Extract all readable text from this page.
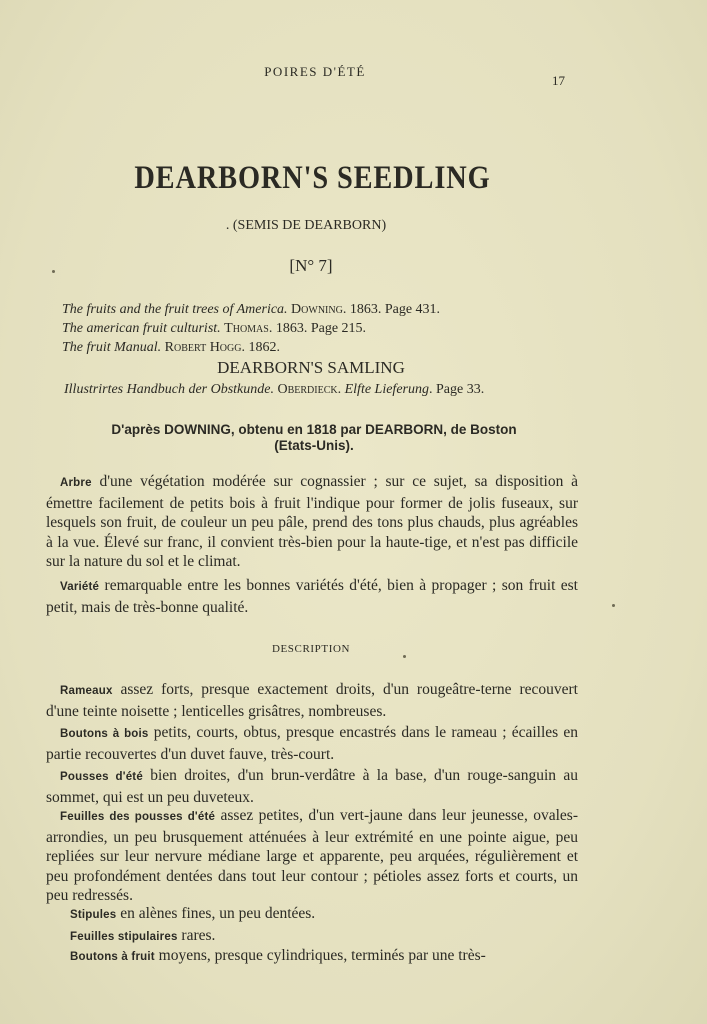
POIRES D'ÉTÉ
17
DEARBORN'S SEEDLING
. (SEMIS DE DEARBORN)
[N° 7]
The fruits and the fruit trees of America. Downing. 1863. Page 431.
The american fruit culturist. Thomas. 1863. Page 215.
The fruit Manual. Robert Hogg. 1862.
DEARBORN'S SAMLING
Illustrirtes Handbuch der Obstkunde. Oberdieck. Elfte Lieferung. Page 33.
D'après DOWNING, obtenu en 1818 par DEARBORN, de Boston
(Etats-Unis).
Arbre d'une végétation modérée sur cognassier ; sur ce sujet, sa disposition à émettre facilement de petits bois à fruit l'indique pour former de jolis fuseaux, sur lesquels son fruit, de couleur un peu pâle, prend des tons plus chauds, plus agréables à la vue. Élevé sur franc, il convient très-bien pour la haute-tige, et n'est pas difficile sur la nature du sol et le climat.
Variété remarquable entre les bonnes variétés d'été, bien à propager ; son fruit est petit, mais de très-bonne qualité.
DESCRIPTION
Rameaux assez forts, presque exactement droits, d'un rougeâtre-terne recouvert d'une teinte noisette ; lenticelles grisâtres, nombreuses.
Boutons à bois petits, courts, obtus, presque encastrés dans le rameau ; écailles en partie recouvertes d'un duvet fauve, très-court.
Pousses d'été bien droites, d'un brun-verdâtre à la base, d'un rouge-sanguin au sommet, qui est un peu duveteux.
Feuilles des pousses d'été assez petites, d'un vert-jaune dans leur jeunesse, ovales-arrondies, un peu brusquement atténuées à leur extrémité en une pointe aigue, peu repliées sur leur nervure médiane large et apparente, peu arquées, régulièrement et peu profondément dentées dans tout leur contour ; pétioles assez forts et courts, un peu redressés.
Stipules en alènes fines, un peu dentées.
Feuilles stipulaires rares.
Boutons à fruit moyens, presque cylindriques, terminés par une très-
